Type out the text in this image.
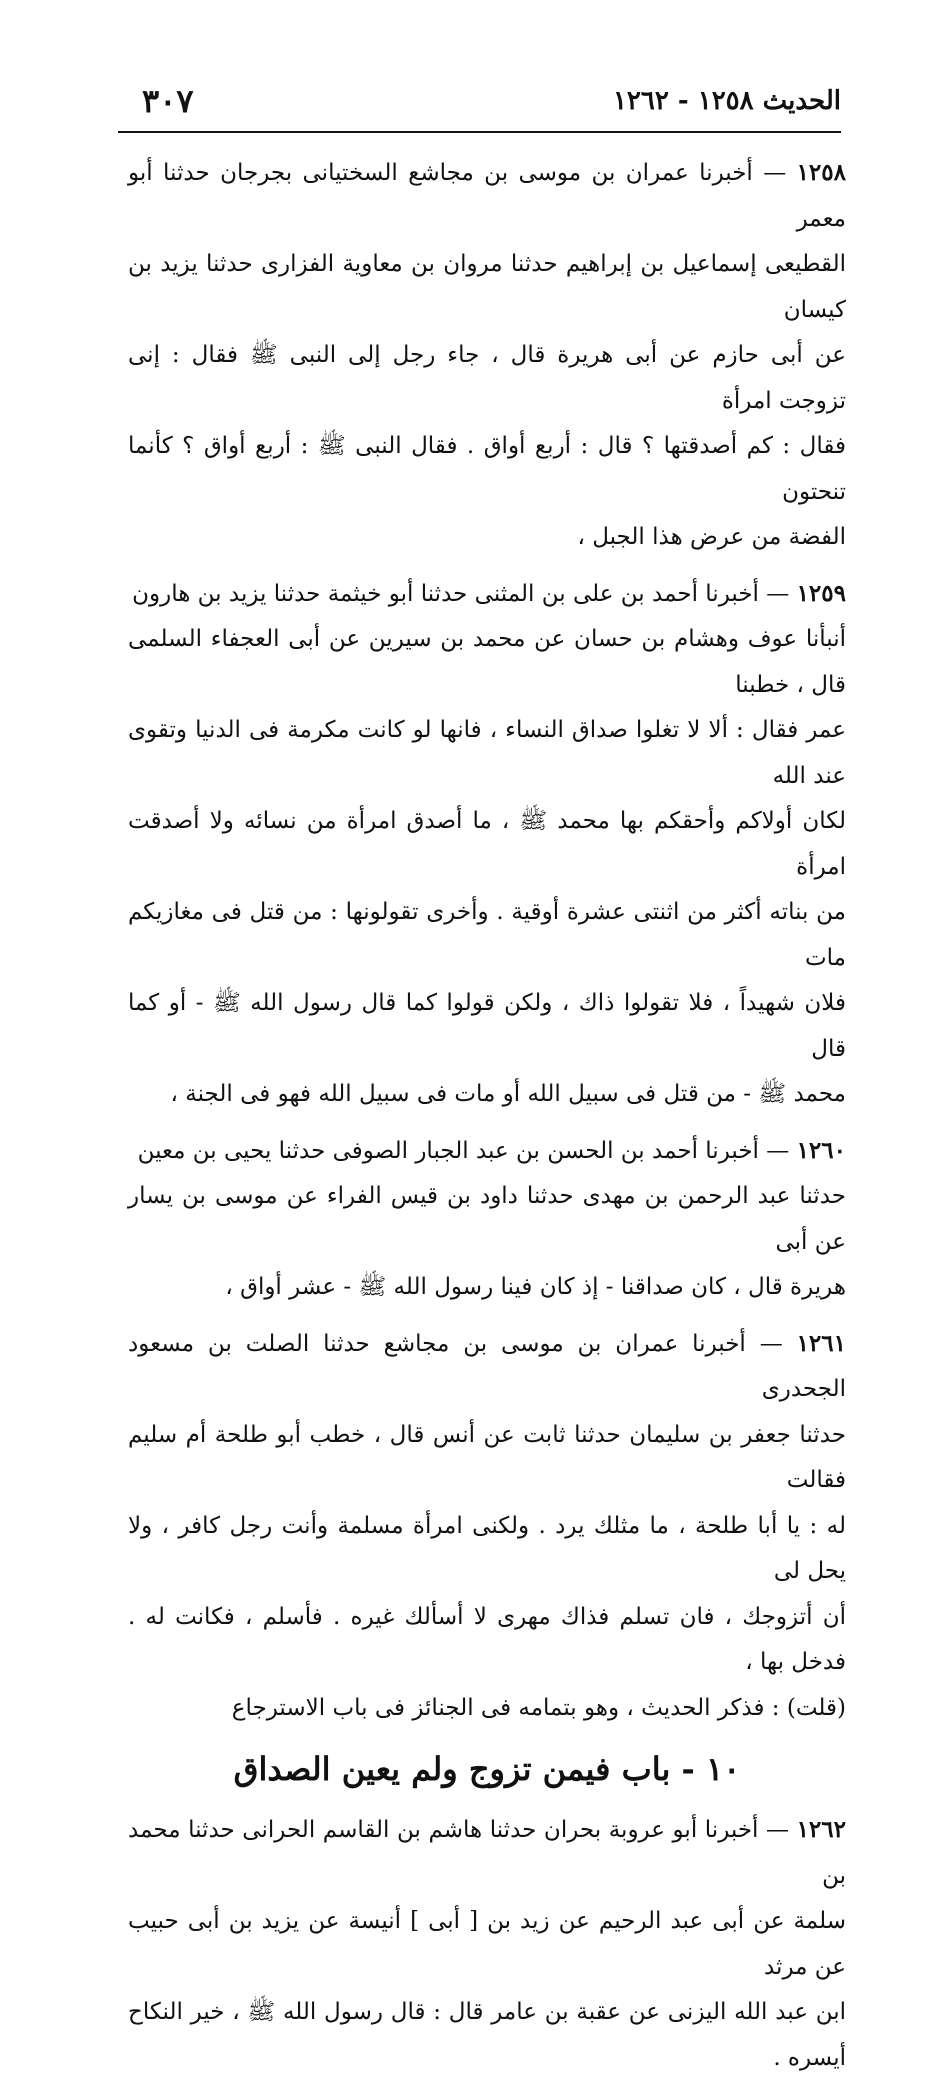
الحديث ١٢٥٨ - ١٢٦٢
٣٠٧

١٢٥٨ — أخبرنا عمران بن موسى بن مجاشع السختيانى بجرجان حدثنا أبو معمر
القطيعى إسماعيل بن إبراهيم حدثنا مروان بن معاوية الفزارى حدثنا يزيد بن كيسان
عن أبى حازم عن أبى هريرة قال ، جاء رجل إلى النبى ﷺ فقال : إنى تزوجت امرأة
فقال : كم أصدقتها ؟ قال : أربع أواق . فقال النبى ﷺ : أربع أواق ؟ كأنما تنحتون
الفضة من عرض هذا الجبل ،

١٢٥٩ — أخبرنا أحمد بن على بن المثنى حدثنا أبو خيثمة حدثنا يزيد بن هارون
أنبأنا عوف وهشام بن حسان عن محمد بن سيرين عن أبى العجفاء السلمى قال ، خطبنا
عمر فقال : ألا لا تغلوا صداق النساء ، فانها لو كانت مكرمة فى الدنيا وتقوى عند الله
لكان أولاكم وأحقكم بها محمد ﷺ ، ما أصدق امرأة من نسائه ولا أصدقت امرأة
من بناته أكثر من اثنتى عشرة أوقية . وأخرى تقولونها : من قتل فى مغازيكم مات
فلان شهيداً ، فلا تقولوا ذاك ، ولكن قولوا كما قال رسول الله ﷺ - أو كما قال
محمد ﷺ - من قتل فى سبيل الله أو مات فى سبيل الله فهو فى الجنة ،

١٢٦٠ — أخبرنا أحمد بن الحسن بن عبد الجبار الصوفى حدثنا يحيى بن معين
حدثنا عبد الرحمن بن مهدى حدثنا داود بن قيس الفراء عن موسى بن يسار عن أبى
هريرة قال ، كان صداقنا - إذ كان فينا رسول الله ﷺ - عشر أواق ،

١٢٦١ — أخبرنا عمران بن موسى بن مجاشع حدثنا الصلت بن مسعود الجحدرى
حدثنا جعفر بن سليمان حدثنا ثابت عن أنس قال ، خطب أبو طلحة أم سليم فقالت
له : يا أبا طلحة ، ما مثلك يرد . ولكنى امرأة مسلمة وأنت رجل كافر ، ولا يحل لى
أن أتزوجك ، فان تسلم فذاك مهرى لا أسألك غيره . فأسلم ، فكانت له . فدخل بها ،
(قلت) : فذكر الحديث ، وهو بتمامه فى الجنائز فى باب الاسترجاع

١٠ - باب فيمن تزوج ولم يعين الصداق

١٢٦٢ — أخبرنا أبو عروبة بحران حدثنا هاشم بن القاسم الحرانى حدثنا محمد بن
سلمة عن أبى عبد الرحيم عن زيد بن [ أبى ] أنيسة عن يزيد بن أبى حبيب عن مرثد
ابن عبد الله اليزنى عن عقبة بن عامر قال : قال رسول الله ﷺ ، خير النكاح أيسره .
